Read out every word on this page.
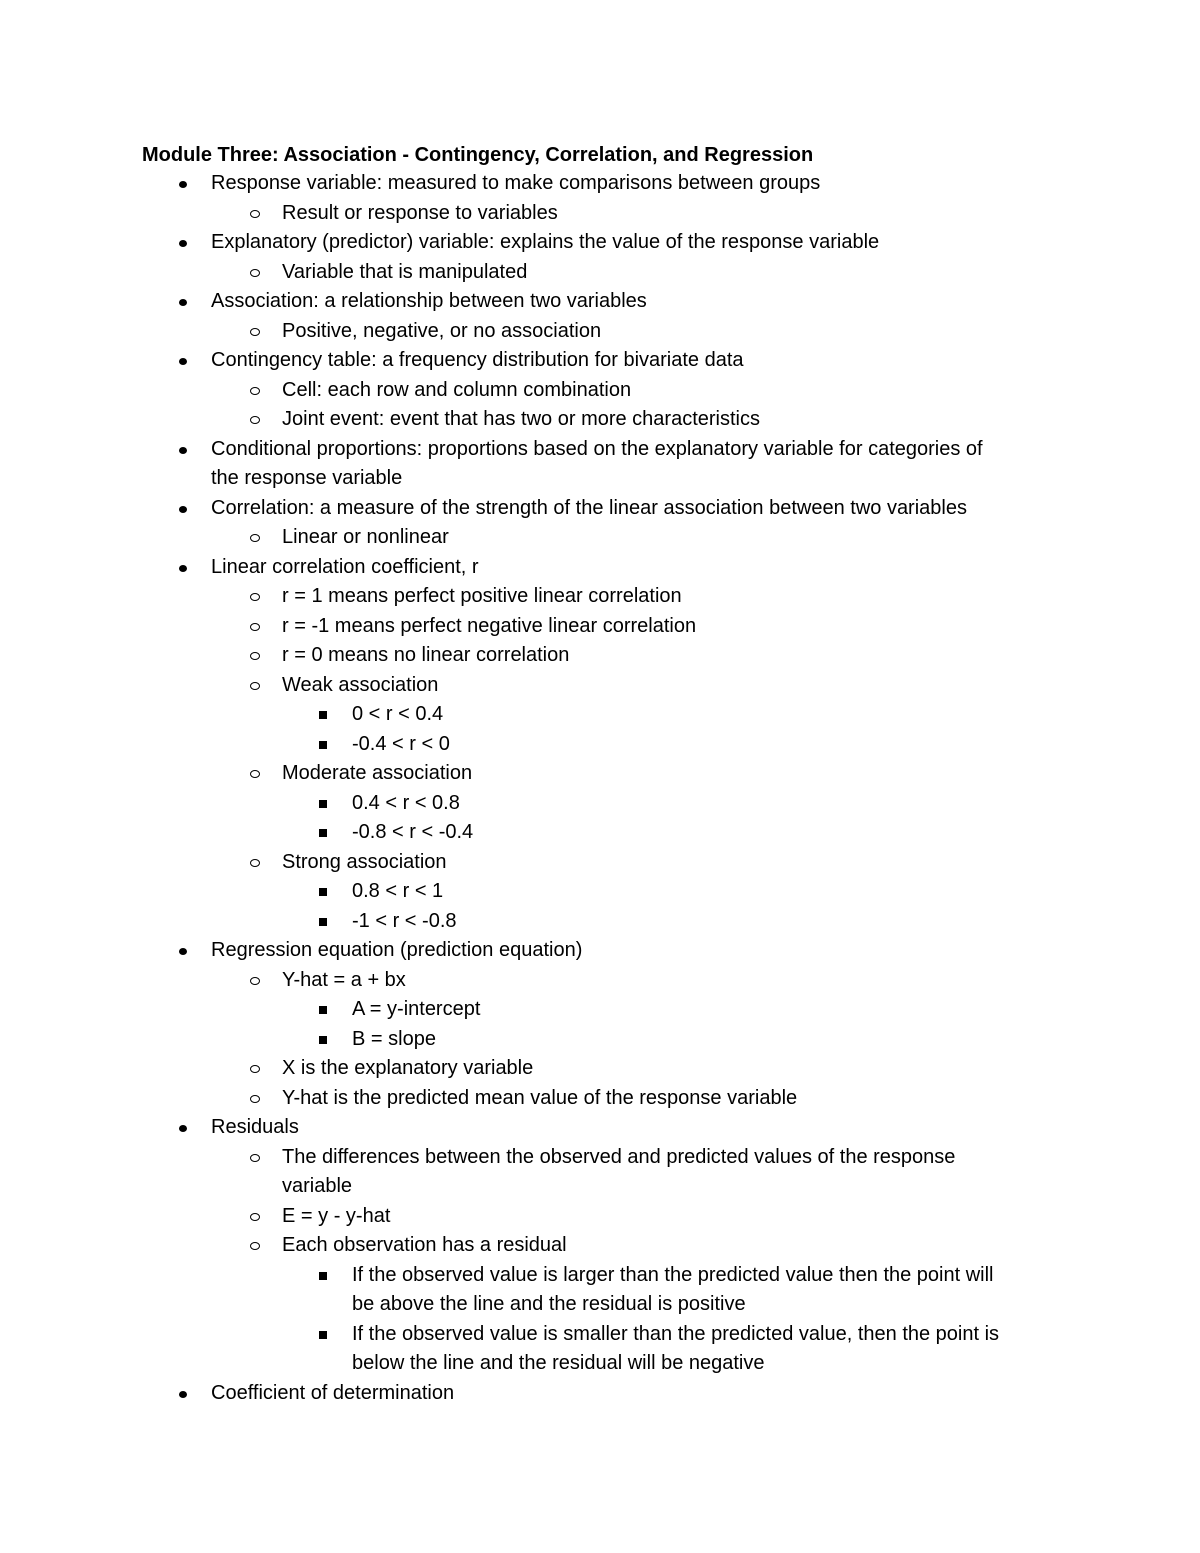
Module Three: Association - Contingency, Correlation, and Regression
Response variable: measured to make comparisons between groups
Result or response to variables
Explanatory (predictor) variable: explains the value of the response variable
Variable that is manipulated
Association: a relationship between two variables
Positive, negative, or no association
Contingency table: a frequency distribution for bivariate data
Cell: each row and column combination
Joint event: event that has two or more characteristics
Conditional proportions: proportions based on the explanatory variable for categories of
the response variable
Correlation: a measure of the strength of the linear association between two variables
Linear or nonlinear
Linear correlation coefficient, r
r = 1 means perfect positive linear correlation
r = -1 means perfect negative linear correlation
r = 0 means no linear correlation
Weak association
0 < r < 0.4
-0.4 < r < 0
Moderate association
0.4 < r < 0.8
-0.8 < r < -0.4
Strong association
0.8 < r < 1
-1 < r < -0.8
Regression equation (prediction equation)
Y-hat = a + bx
A = y-intercept
B = slope
X is the explanatory variable
Y-hat is the predicted mean value of the response variable
Residuals
The differences between the observed and predicted values of the response
variable
E = y - y-hat
Each observation has a residual
If the observed value is larger than the predicted value then the point will
be above the line and the residual is positive
If the observed value is smaller than the predicted value, then the point is
below the line and the residual will be negative
Coefficient of determination
